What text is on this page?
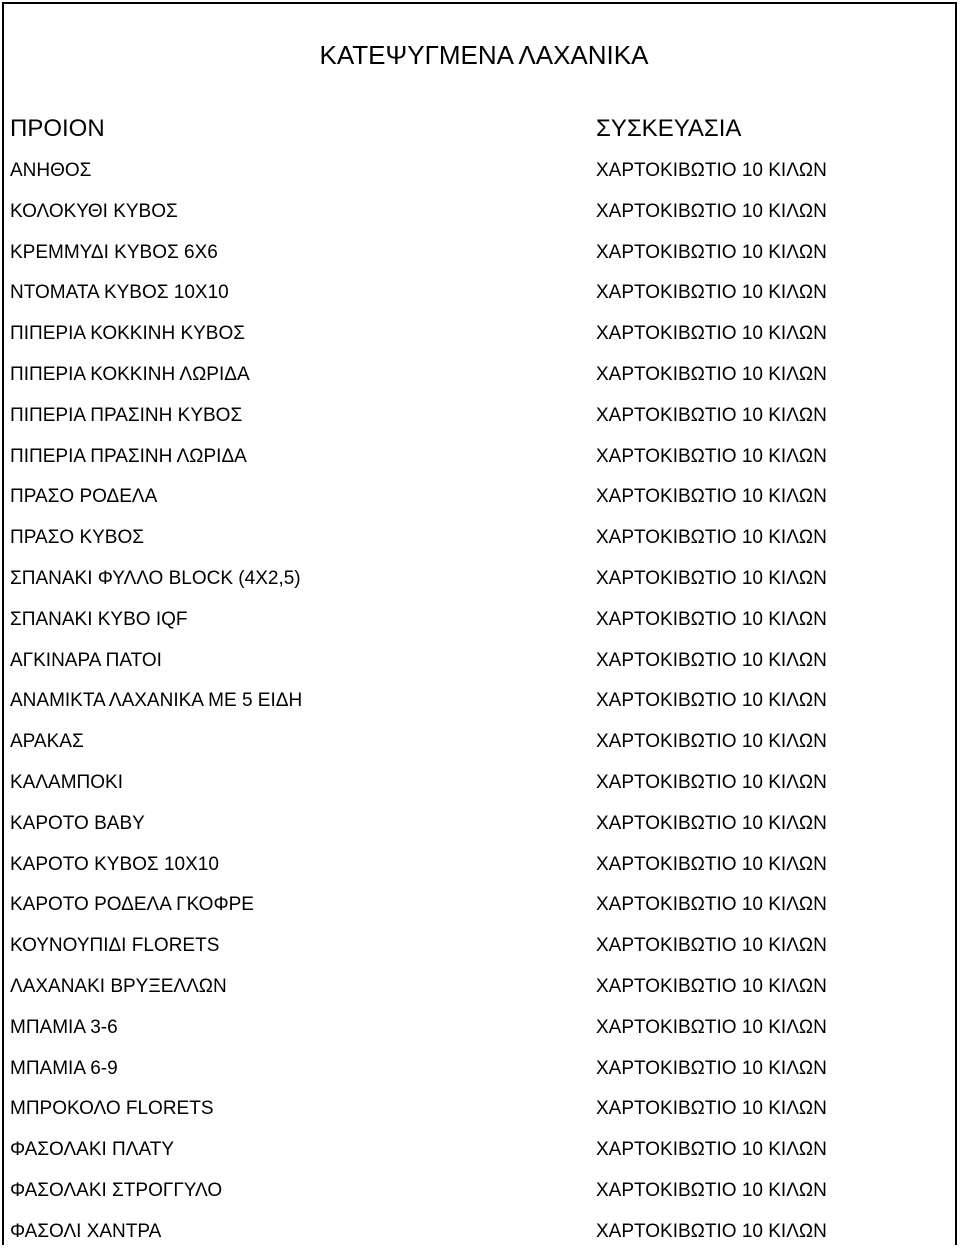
ΚΑΤΕΨΥΓΜΕΝΑ ΛΑΧΑΝΙΚΑ
ΠΡΟΙΟΝ	ΣΥΣΚΕΥΑΣΙΑ
ΑΝΗΘΟΣ	ΧΑΡΤΟΚΙΒΩΤΙΟ 10 ΚΙΛΩΝ
ΚΟΛΟΚΥΘΙ ΚΥΒΟΣ	ΧΑΡΤΟΚΙΒΩΤΙΟ 10 ΚΙΛΩΝ
ΚΡΕΜΜΥΔΙ ΚΥΒΟΣ 6Χ6	ΧΑΡΤΟΚΙΒΩΤΙΟ 10 ΚΙΛΩΝ
ΝΤΟΜΑΤΑ ΚΥΒΟΣ 10Χ10	ΧΑΡΤΟΚΙΒΩΤΙΟ 10 ΚΙΛΩΝ
ΠΙΠΕΡΙΑ ΚΟΚΚΙΝΗ ΚΥΒΟΣ	ΧΑΡΤΟΚΙΒΩΤΙΟ 10 ΚΙΛΩΝ
ΠΙΠΕΡΙΑ ΚΟΚΚΙΝΗ ΛΩΡΙΔΑ	ΧΑΡΤΟΚΙΒΩΤΙΟ 10 ΚΙΛΩΝ
ΠΙΠΕΡΙΑ ΠΡΑΣΙΝΗ ΚΥΒΟΣ	ΧΑΡΤΟΚΙΒΩΤΙΟ 10 ΚΙΛΩΝ
ΠΙΠΕΡΙΑ ΠΡΑΣΙΝΗ ΛΩΡΙΔΑ	ΧΑΡΤΟΚΙΒΩΤΙΟ 10 ΚΙΛΩΝ
ΠΡΑΣΟ ΡΟΔΕΛΑ	ΧΑΡΤΟΚΙΒΩΤΙΟ 10 ΚΙΛΩΝ
ΠΡΑΣΟ ΚΥΒΟΣ	ΧΑΡΤΟΚΙΒΩΤΙΟ 10 ΚΙΛΩΝ
ΣΠΑΝΑΚΙ ΦΥΛΛΟ BLOCK (4X2,5)	ΧΑΡΤΟΚΙΒΩΤΙΟ 10 ΚΙΛΩΝ
ΣΠΑΝΑΚΙ ΚΥΒΟ IQF	ΧΑΡΤΟΚΙΒΩΤΙΟ 10 ΚΙΛΩΝ
ΑΓΚΙΝΑΡΑ ΠΑΤΟΙ	ΧΑΡΤΟΚΙΒΩΤΙΟ 10 ΚΙΛΩΝ
ΑΝΑΜΙΚΤΑ ΛΑΧΑΝΙΚΑ ΜΕ 5 ΕΙΔΗ	ΧΑΡΤΟΚΙΒΩΤΙΟ 10 ΚΙΛΩΝ
ΑΡΑΚΑΣ	ΧΑΡΤΟΚΙΒΩΤΙΟ 10 ΚΙΛΩΝ
ΚΑΛΑΜΠΟΚΙ	ΧΑΡΤΟΚΙΒΩΤΙΟ 10 ΚΙΛΩΝ
ΚΑΡΟΤΟ BABY	ΧΑΡΤΟΚΙΒΩΤΙΟ 10 ΚΙΛΩΝ
ΚΑΡΟΤΟ ΚΥΒΟΣ 10Χ10	ΧΑΡΤΟΚΙΒΩΤΙΟ 10 ΚΙΛΩΝ
ΚΑΡΟΤΟ ΡΟΔΕΛΑ ΓΚΟΦΡΕ	ΧΑΡΤΟΚΙΒΩΤΙΟ 10 ΚΙΛΩΝ
ΚΟΥΝΟΥΠΙΔΙ FLORETS	ΧΑΡΤΟΚΙΒΩΤΙΟ 10 ΚΙΛΩΝ
ΛΑΧΑΝΑΚΙ ΒΡΥΞΕΛΛΩΝ	ΧΑΡΤΟΚΙΒΩΤΙΟ 10 ΚΙΛΩΝ
ΜΠΑΜΙΑ 3-6	ΧΑΡΤΟΚΙΒΩΤΙΟ 10 ΚΙΛΩΝ
ΜΠΑΜΙΑ 6-9	ΧΑΡΤΟΚΙΒΩΤΙΟ 10 ΚΙΛΩΝ
ΜΠΡΟΚΟΛΟ FLORETS	ΧΑΡΤΟΚΙΒΩΤΙΟ 10 ΚΙΛΩΝ
ΦΑΣΟΛΑΚΙ ΠΛΑΤΥ	ΧΑΡΤΟΚΙΒΩΤΙΟ 10 ΚΙΛΩΝ
ΦΑΣΟΛΑΚΙ ΣΤΡΟΓΓΥΛΟ	ΧΑΡΤΟΚΙΒΩΤΙΟ 10 ΚΙΛΩΝ
ΦΑΣΟΛΙ ΧΑΝΤΡΑ	ΧΑΡΤΟΚΙΒΩΤΙΟ 10 ΚΙΛΩΝ
